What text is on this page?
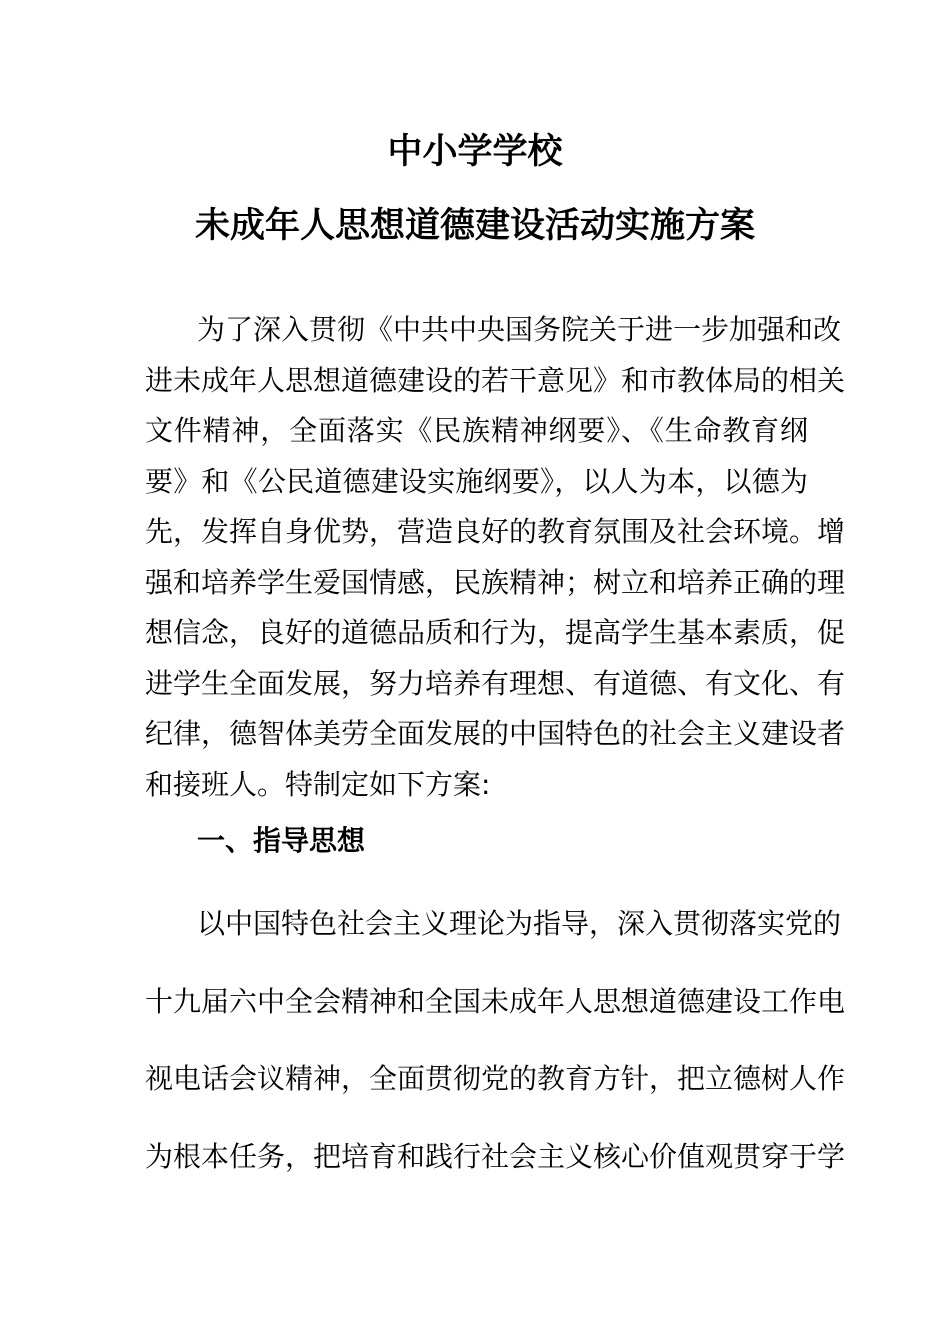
中小学学校
未成年人思想道德建设活动实施方案

为了深入贯彻《中共中央国务院关于进一步加强和改
进未成年人思想道德建设的若干意见》和市教体局的相关
文件精神，全面落实《民族精神纲要》、《生命教育纲
要》和《公民道德建设实施纲要》，以人为本，以德为
先，发挥自身优势，营造良好的教育氛围及社会环境。增
强和培养学生爱国情感，民族精神；树立和培养正确的理
想信念，良好的道德品质和行为，提高学生基本素质，促
进学生全面发展，努力培养有理想、有道德、有文化、有
纪律，德智体美劳全面发展的中国特色的社会主义建设者
和接班人。特制定如下方案:

一、指导思想

以中国特色社会主义理论为指导，深入贯彻落实党的
十九届六中全会精神和全国未成年人思想道德建设工作电
视电话会议精神，全面贯彻党的教育方针，把立德树人作
为根本任务，把培育和践行社会主义核心价值观贯穿于学
